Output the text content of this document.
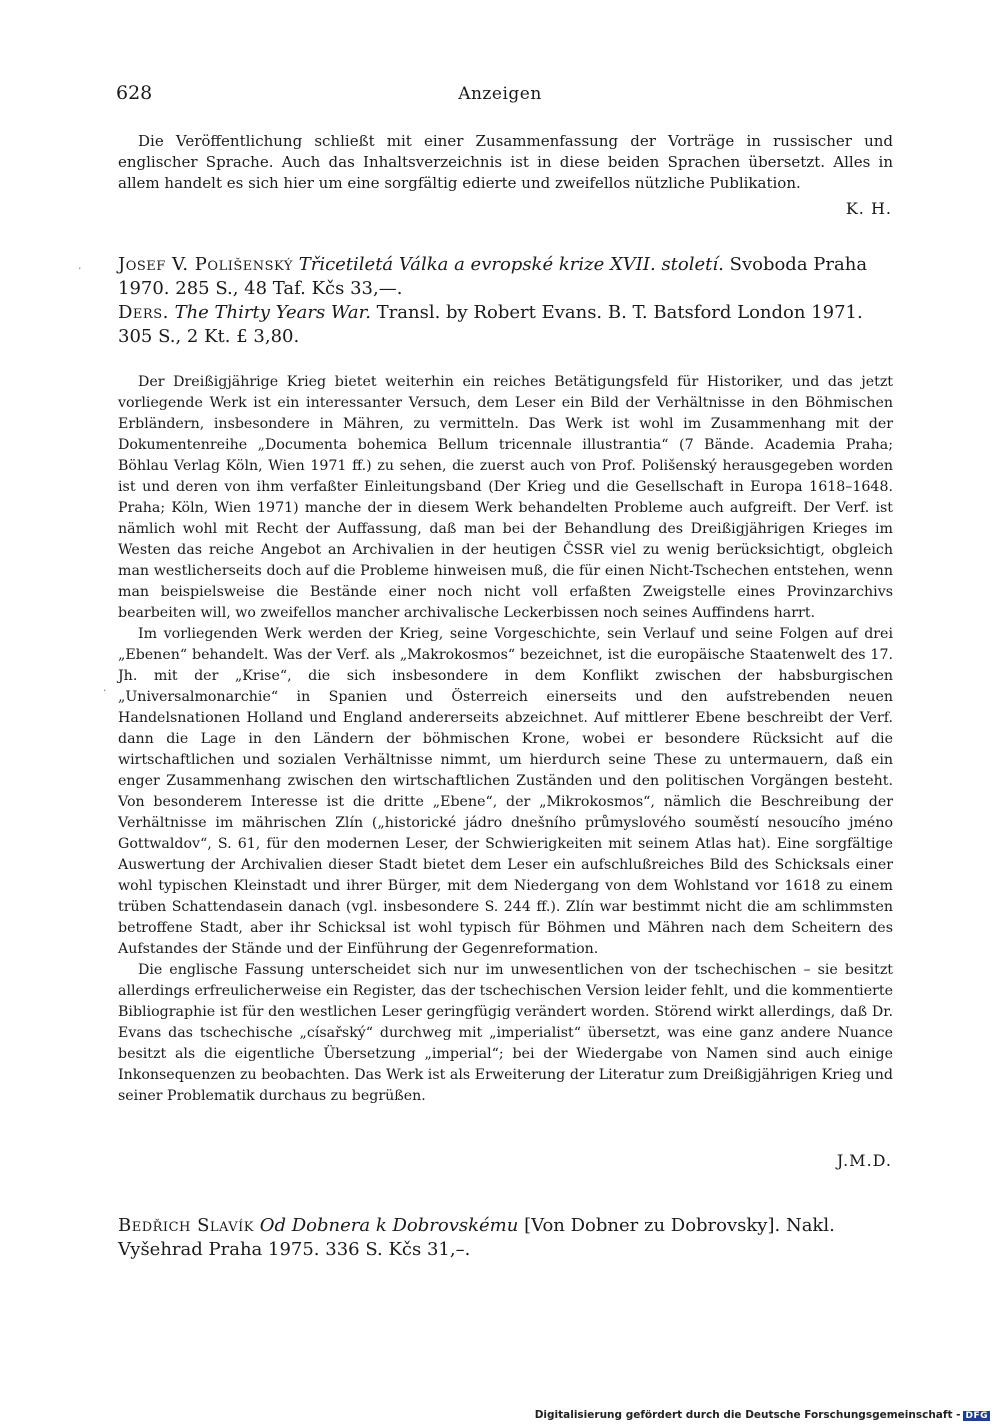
628	Anzeigen

Die Veröffentlichung schließt mit einer Zusammenfassung der Vorträge in russischer und englischer Sprache. Auch das Inhaltsverzeichnis ist in diese beiden Sprachen übersetzt. Alles in allem handelt es sich hier um eine sorgfältig edierte und zweifellos nützliche Publikation.

K. H.
· Josef V. Polišenský Třicetiletá Válka a evropské krize XVII. století. Svoboda Praha 1970. 285 S., 48 Taf. Kčs 33,—.
Ders. The Thirty Years War. Transl. by Robert Evans. B. T. Batsford London 1971. 305 S., 2 Kt. £ 3,80.

Der Dreißigjährige Krieg bietet weiterhin ein reiches Betätigungsfeld für Historiker, und das jetzt vorliegende Werk ist ein interessanter Versuch, dem Leser ein Bild der Verhältnisse in den Böhmischen Erbländern, insbesondere in Mähren, zu vermitteln. Das Werk ist wohl im Zusammenhang mit der Dokumentenreihe „Documenta bohemica Bellum tricennale illustrantia“ (7 Bände. Academia Praha; Böhlau Verlag Köln, Wien 1971 ff.) zu sehen, die zuerst auch von Prof. Polišenský herausgegeben worden ist und deren von ihm verfaßter Einleitungsband (Der Krieg und die Gesellschaft in Europa 1618–1648. Praha; Köln, Wien 1971) manche der in diesem Werk behandelten Probleme auch aufgreift. Der Verf. ist nämlich wohl mit Recht der Auffassung, daß man bei der Behandlung des Dreißigjährigen Krieges im Westen das reiche Angebot an Archivalien in der heutigen ČSSR viel zu wenig berücksichtigt, obgleich man westlicherseits doch auf die Probleme hinweisen muß, die für einen Nicht-Tschechen entstehen, wenn man beispielsweise die Bestände einer noch nicht voll erfaßten Zweigstelle eines Provinzarchivs bearbeiten will, wo zweifellos mancher archivalische Leckerbissen noch seines Auffindens harrt.

Im vorliegenden Werk werden der Krieg, seine Vorgeschichte, sein Verlauf und seine Folgen auf drei „Ebenen“ behandelt. Was der Verf. als „Makrokosmos“ bezeichnet, ist die europäische Staatenwelt des 17. Jh. mit der „Krise“, die sich insbesondere in dem Konflikt zwischen der habsburgischen „Universalmonarchie“ in Spanien und Österreich einerseits und den aufstrebenden neuen Handelsnationen Holland und England andererseits abzeichnet. Auf mittlerer Ebene beschreibt der Verf. dann die Lage in den Ländern der böhmischen Krone, wobei er besondere Rücksicht auf die wirtschaftlichen und sozialen Verhältnisse nimmt, um hierdurch seine These zu untermauern, daß ein enger Zusammenhang zwischen den wirtschaftlichen Zuständen und den politischen Vorgängen besteht. Von besonderem Interesse ist die dritte „Ebene“, der „Mikrokosmos“, nämlich die Beschreibung der Verhältnisse im mährischen Zlín („historické jádro dnešního průmyslového souměstí nesoucího jméno Gottwaldov“, S. 61, für den modernen Leser, der Schwierigkeiten mit seinem Atlas hat). Eine sorgfältige Auswertung der Archivalien dieser Stadt bietet dem Leser ein aufschlußreiches Bild des Schicksals einer wohl typischen Kleinstadt und ihrer Bürger, mit dem Niedergang von dem Wohlstand vor 1618 zu einem trüben Schattendasein danach (vgl. insbesondere S. 244 ff.). Zlín war bestimmt nicht die am schlimmsten betroffene Stadt, aber ihr Schicksal ist wohl typisch für Böhmen und Mähren nach dem Scheitern des Aufstandes der Stände und der Einführung der Gegenreformation.

Die englische Fassung unterscheidet sich nur im unwesentlichen von der tschechischen – sie besitzt allerdings erfreulicherweise ein Register, das der tschechischen Version leider fehlt, und die kommentierte Bibliographie ist für den westlichen Leser geringfügig verändert worden. Störend wirkt allerdings, daß Dr. Evans das tschechische „císařský“ durchweg mit „imperialist“ übersetzt, was eine ganz andere Nuance besitzt als die eigentliche Übersetzung „imperial“; bei der Wiedergabe von Namen sind auch einige Inkonsequenzen zu beobachten. Das Werk ist als Erweiterung der Literatur zum Dreißigjährigen Krieg und seiner Problematik durchaus zu begrüßen.

·
J.M.D.
Bedřich Slavík Od Dobnera k Dobrovskému [Von Dobner zu Dobrovsky]. Nakl. Vyšehrad Praha 1975. 336 S. Kčs 31,–.
Digitalisierung gefördert durch die Deutsche Forschungsgemeinschaft - DFG
